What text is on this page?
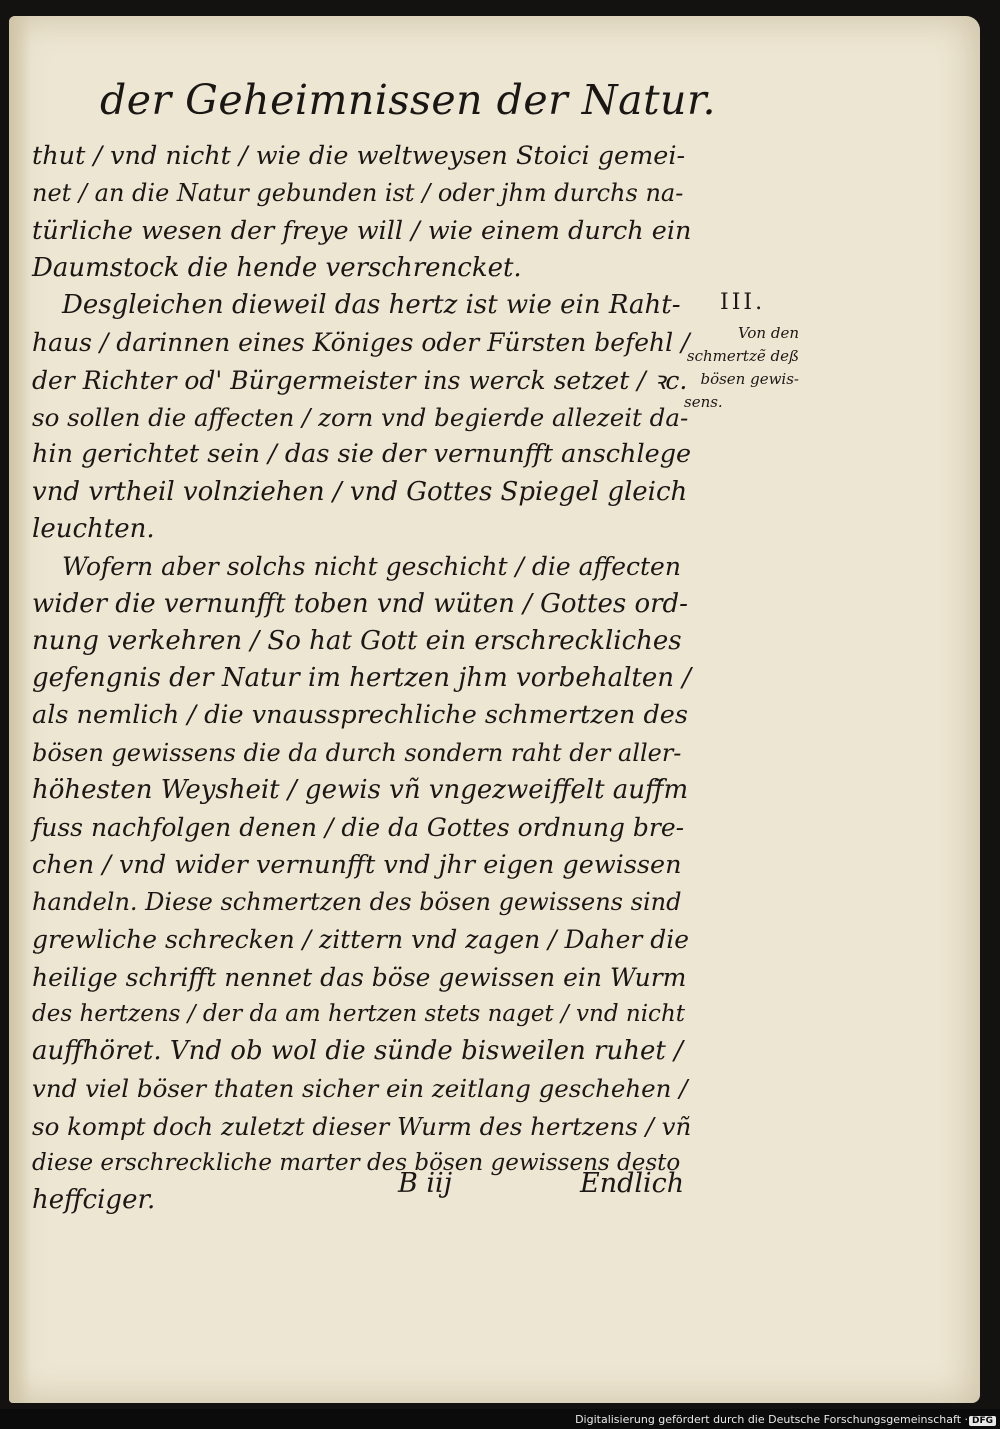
der Geheimnissen der Natur.
thut / vnd nicht / wie die weltweysen Stoici gemei-
net / an die Natur gebunden ist / oder jhm durchs na-
türliche wesen der freye will / wie einem durch ein
Daumstock die hende verschrencket.
Desgleichen dieweil das hertz ist wie ein Raht-
haus / darinnen eines Königes oder Fürsten befehl /
der Richter od' Bürgermeister ins werck setzet / ꝛc.
so sollen die affecten / zorn vnd begierde allezeit da-
hin gerichtet sein / das sie der vernunfft anschlege
vnd vrtheil volnziehen / vnd Gottes Spiegel gleich
leuchten.
Wofern aber solchs nicht geschicht / die affecten
wider die vernunfft toben vnd wüten / Gottes ord-
nung verkehren / So hat Gott ein erschreckliches
gefengnis der Natur im hertzen jhm vorbehalten /
als nemlich / die vnaussprechliche schmertzen des
bösen gewissens die da durch sondern raht der aller-
höhesten Weysheit / gewis vñ vngezweiffelt auff̃m
fuss nachfolgen denen / die da Gottes ordnung bre-
chen / vnd wider vernunfft vnd jhr eigen gewissen
handeln. Diese schmertzen des bösen gewissens sind
grewliche schrecken / zittern vnd zagen / Daher die
heilige schrifft nennet das böse gewissen ein Wurm
des hertzens / der da am hertzen stets naget / vnd nicht
auffhöret. Vnd ob wol die sünde bisweilen ruhet /
vnd viel böser thaten sicher ein zeitlang geschehen /
so kompt doch zuletzt dieser Wurm des hertzens / vñ
diese erschreckliche marter des bösen gewissens desto
heffciger.
III.
Von den
schmertzẽ deß
bösen gewis-
sens.
B iij	Endlich
Digitalisierung gefördert durch die Deutsche Forschungsgemeinschaft · DFG
